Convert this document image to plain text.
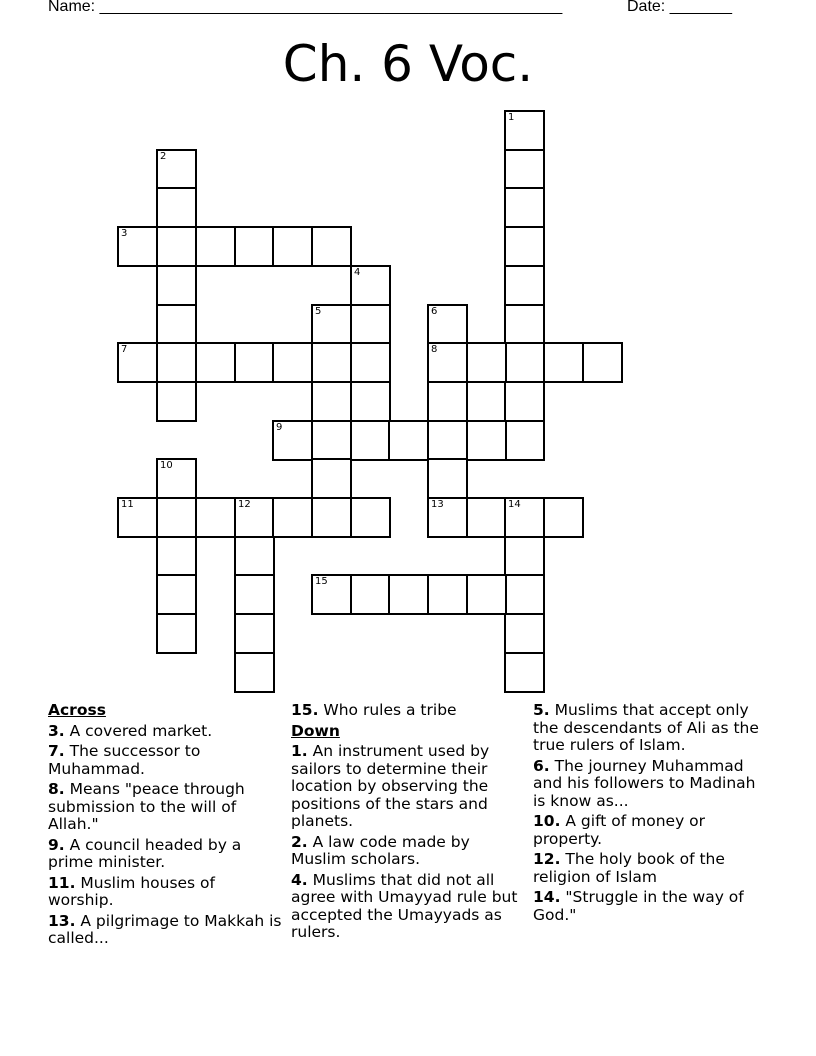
Name: ____________________________________________________	Date: _______
Ch. 6 Voc.
1
2
3
4
5	6
8
7
9
10
11	12	13	14
15
Across
3. A covered market.
7. The successor to Muhammad.
8. Means "peace through submission to the will of Allah."
9. A council headed by a prime minister.
11. Muslim houses of worship.
13. A pilgrimage to Makkah is called...
15. Who rules a tribe
Down
1. An instrument used by sailors to determine their location by observing the positions of the stars and planets.
2. A law code made by Muslim scholars.
4. Muslims that did not all agree with Umayyad rule but accepted the Umayyads as rulers.
5. Muslims that accept only the descendants of Ali as the true rulers of Islam.
6. The journey Muhammad and his followers to Madinah is know as...
10. A gift of money or property.
12. The holy book of the religion of Islam
14. "Struggle in the way of God."
